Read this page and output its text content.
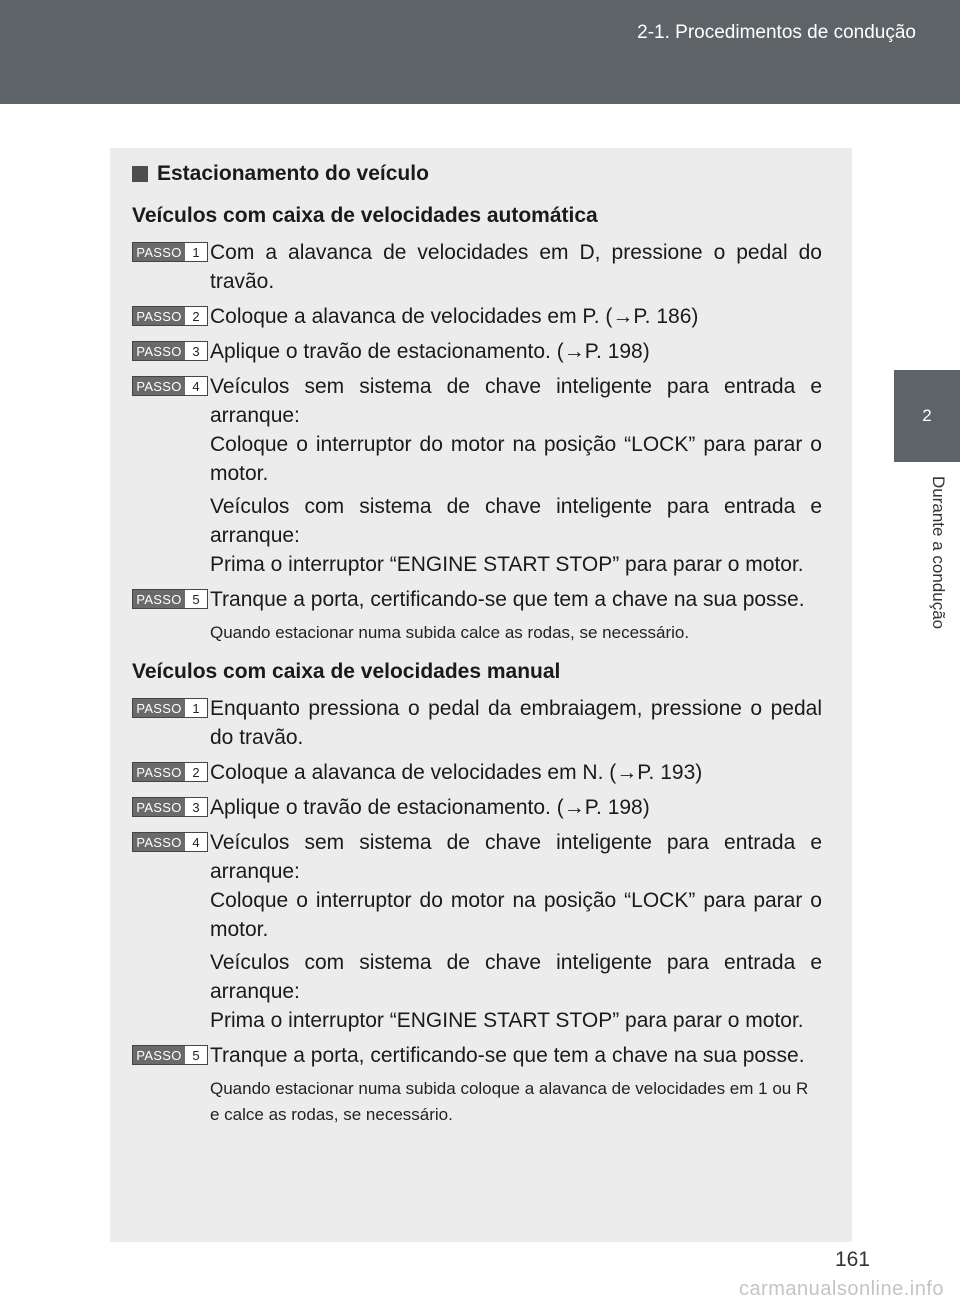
2-1. Procedimentos de condução
2
Durante a condução
Estacionamento do veículo
Veículos com caixa de velocidades automática
PASSO 1 Com a alavanca de velocidades em D, pressione o pedal do travão.

PASSO 2 Coloque a alavanca de velocidades em P. (→P. 186)

PASSO 3 Aplique o travão de estacionamento. (→P. 198)

PASSO 4 Veículos sem sistema de chave inteligente para entrada e arranque:
Coloque o interruptor do motor na posição “LOCK” para parar o motor.

Veículos com sistema de chave inteligente para entrada e arranque:
Prima o interruptor “ENGINE START STOP” para parar o motor.

PASSO 5 Tranque a porta, certificando-se que tem a chave na sua posse.

Quando estacionar numa subida calce as rodas, se necessário.
Veículos com caixa de velocidades manual
PASSO 1 Enquanto pressiona o pedal da embraiagem, pressione o pedal do travão.

PASSO 2 Coloque a alavanca de velocidades em N. (→P. 193)

PASSO 3 Aplique o travão de estacionamento. (→P. 198)

PASSO 4 Veículos sem sistema de chave inteligente para entrada e arranque:
Coloque o interruptor do motor na posição “LOCK” para parar o motor.

Veículos com sistema de chave inteligente para entrada e arranque:
Prima o interruptor “ENGINE START STOP” para parar o motor.

PASSO 5 Tranque a porta, certificando-se que tem a chave na sua posse.

Quando estacionar numa subida coloque a alavanca de velocidades em 1 ou R e calce as rodas, se necessário.
161
carmanualsonline.info
